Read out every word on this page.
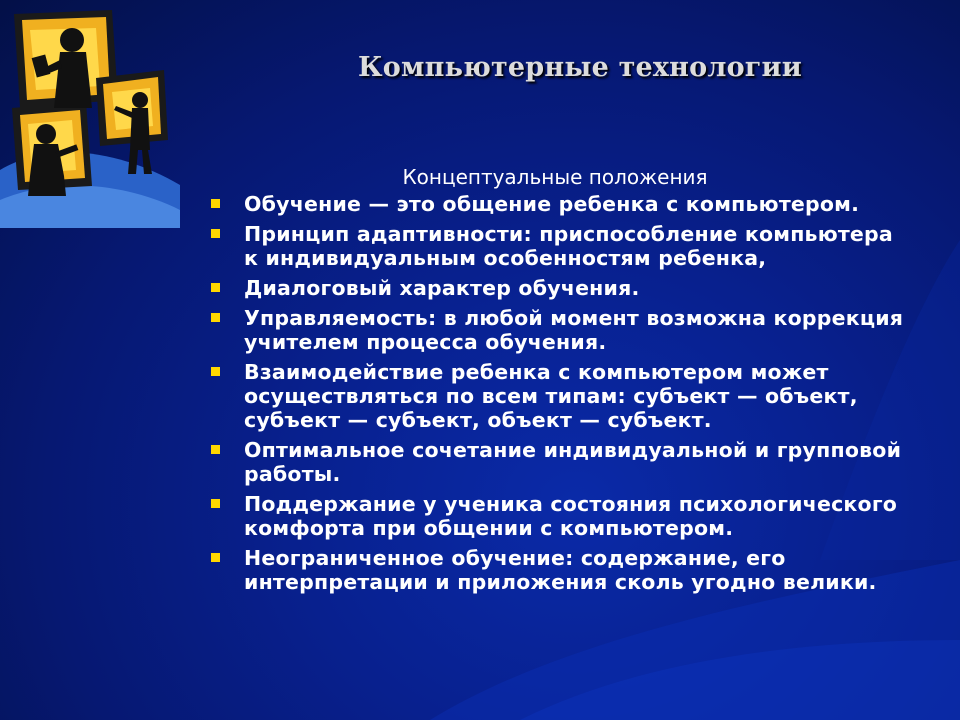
Компьютерные технологии
Концептуальные положения
Обучение — это общение ребенка с компьютером.
Принцип адаптивности: приспособление компьютера к индивидуальным особенностям ребенка,
Диалоговый характер обучения.
Управляемость: в любой момент возможна коррекция учителем процесса обучения.
Взаимодействие ребенка с компьютером может осуществляться по всем типам: субъект — объект, субъект — субъект, объект — субъект.
Оптимальное сочетание индивидуальной и групповой работы.
Поддержание у ученика состояния психологического комфорта при общении с компьютером.
Неограниченное обучение: содержание, его интерпретации и приложения сколь угодно велики.
